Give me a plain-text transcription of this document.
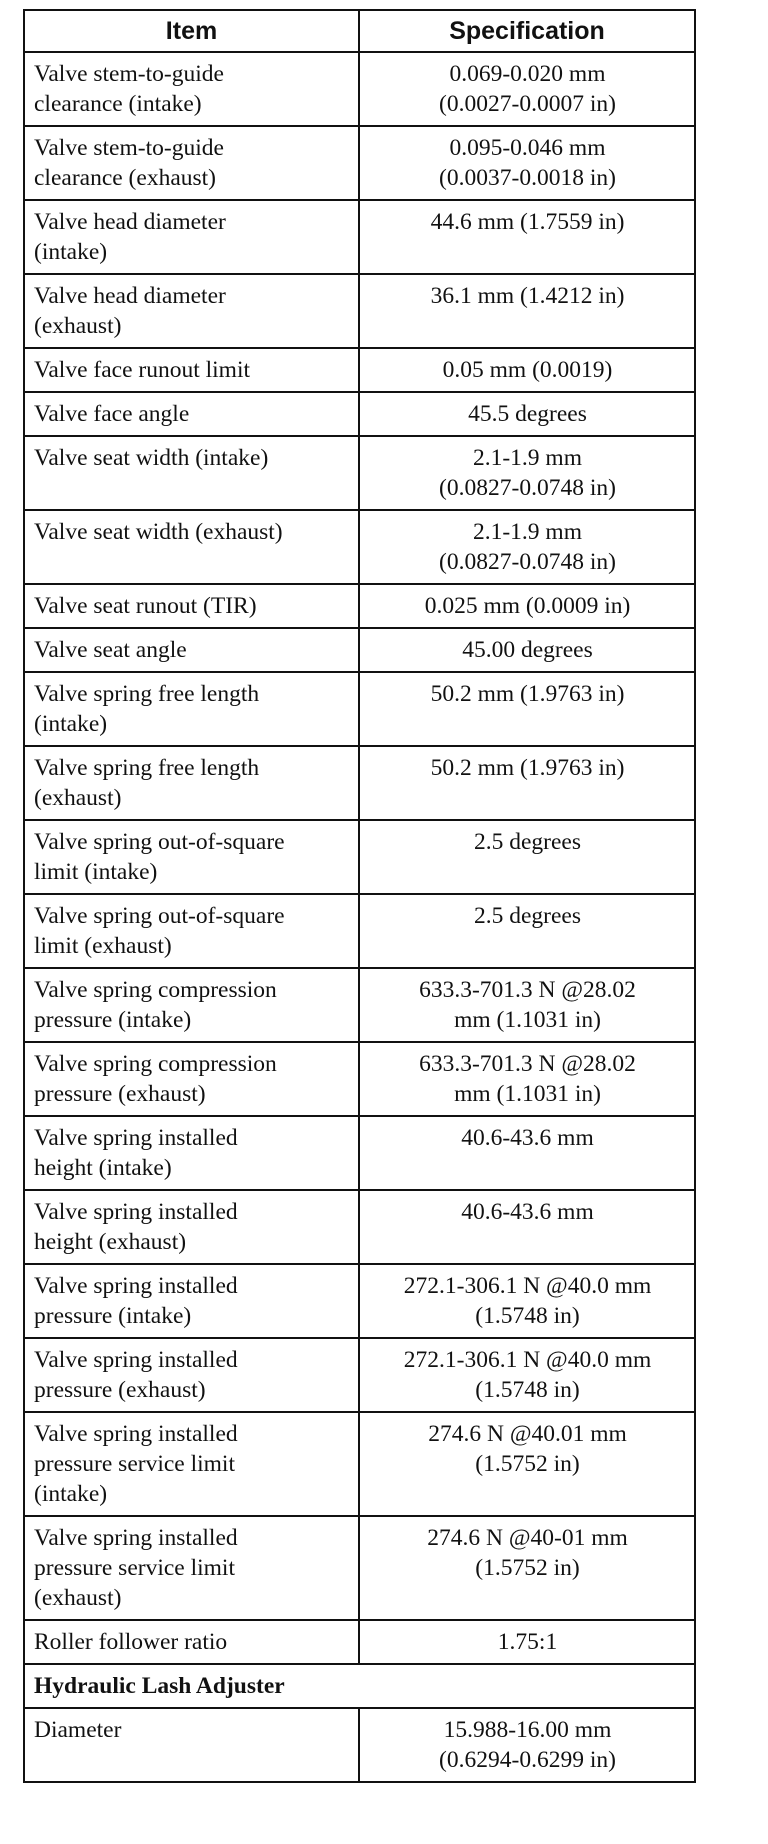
Item	Specification

Valve stem-to-guide
clearance (intake)	0.069-0.020 mm
(0.0027-0.0007 in)

Valve stem-to-guide
clearance (exhaust)	0.095-0.046 mm
(0.0037-0.0018 in)

Valve head diameter
(intake)	44.6 mm (1.7559 in)

Valve head diameter
(exhaust)	36.1 mm (1.4212 in)

Valve face runout limit	0.05 mm (0.0019)

Valve face angle	45.5 degrees

Valve seat width (intake)	2.1-1.9 mm
(0.0827-0.0748 in)

Valve seat width (exhaust)	2.1-1.9 mm
(0.0827-0.0748 in)

Valve seat runout (TIR)	0.025 mm (0.0009 in)

Valve seat angle	45.00 degrees

Valve spring free length
(intake)	50.2 mm (1.9763 in)

Valve spring free length
(exhaust)	50.2 mm (1.9763 in)

Valve spring out-of-square
limit (intake)	2.5 degrees

Valve spring out-of-square
limit (exhaust)	2.5 degrees

Valve spring compression
pressure (intake)	633.3-701.3 N @28.02
mm (1.1031 in)

Valve spring compression
pressure (exhaust)	633.3-701.3 N @28.02
mm (1.1031 in)

Valve spring installed
height (intake)	40.6-43.6 mm

Valve spring installed
height (exhaust)	40.6-43.6 mm

Valve spring installed
pressure (intake)	272.1-306.1 N @40.0 mm
(1.5748 in)

Valve spring installed
pressure (exhaust)	272.1-306.1 N @40.0 mm
(1.5748 in)

Valve spring installed
pressure service limit
(intake)	274.6 N @40.01 mm
(1.5752 in)

Valve spring installed
pressure service limit
(exhaust)	274.6 N @40-01 mm
(1.5752 in)

Roller follower ratio	1.75:1

Hydraulic Lash Adjuster	

Diameter	15.988-16.00 mm
(0.6294-0.6299 in)
